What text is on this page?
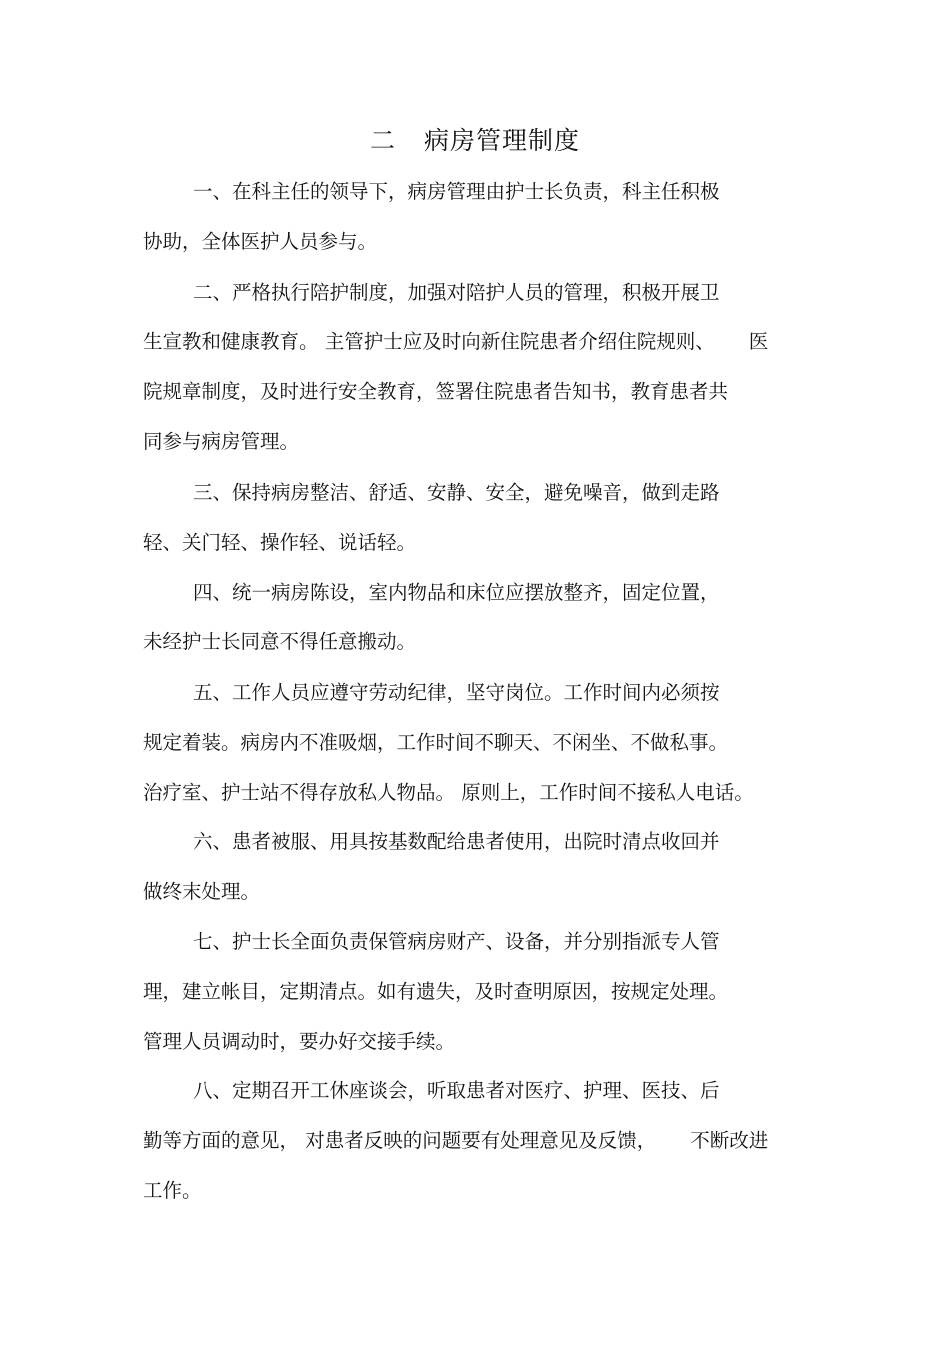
二 病房管理制度
一、在科主任的领导下，病房管理由护士长负责，科主任积极
协助，全体医护人员参与。
二、严格执行陪护制度，加强对陪护人员的管理，积极开展卫
生宣教和健康教育。 主管护士应及时向新住院患者介绍住院规则、 医
院规章制度，及时进行安全教育，签署住院患者告知书，教育患者共
同参与病房管理。
三、保持病房整洁、舒适、安静、安全，避免噪音，做到走路
轻、关门轻、操作轻、说话轻。
四、统一病房陈设，室内物品和床位应摆放整齐，固定位置，
未经护士长同意不得任意搬动。
五、工作人员应遵守劳动纪律，坚守岗位。工作时间内必须按
规定着装。病房内不准吸烟，工作时间不聊天、不闲坐、不做私事。
治疗室、护士站不得存放私人物品。 原则上，工作时间不接私人电话。
六、患者被服、用具按基数配给患者使用，出院时清点收回并
做终末处理。
七、护士长全面负责保管病房财产、设备，并分别指派专人管
理，建立帐目，定期清点。如有遗失，及时查明原因，按规定处理。
管理人员调动时，要办好交接手续。
八、定期召开工休座谈会，听取患者对医疗、护理、医技、后
勤等方面的意见， 对患者反映的问题要有处理意见及反馈， 不断改进
工作。
